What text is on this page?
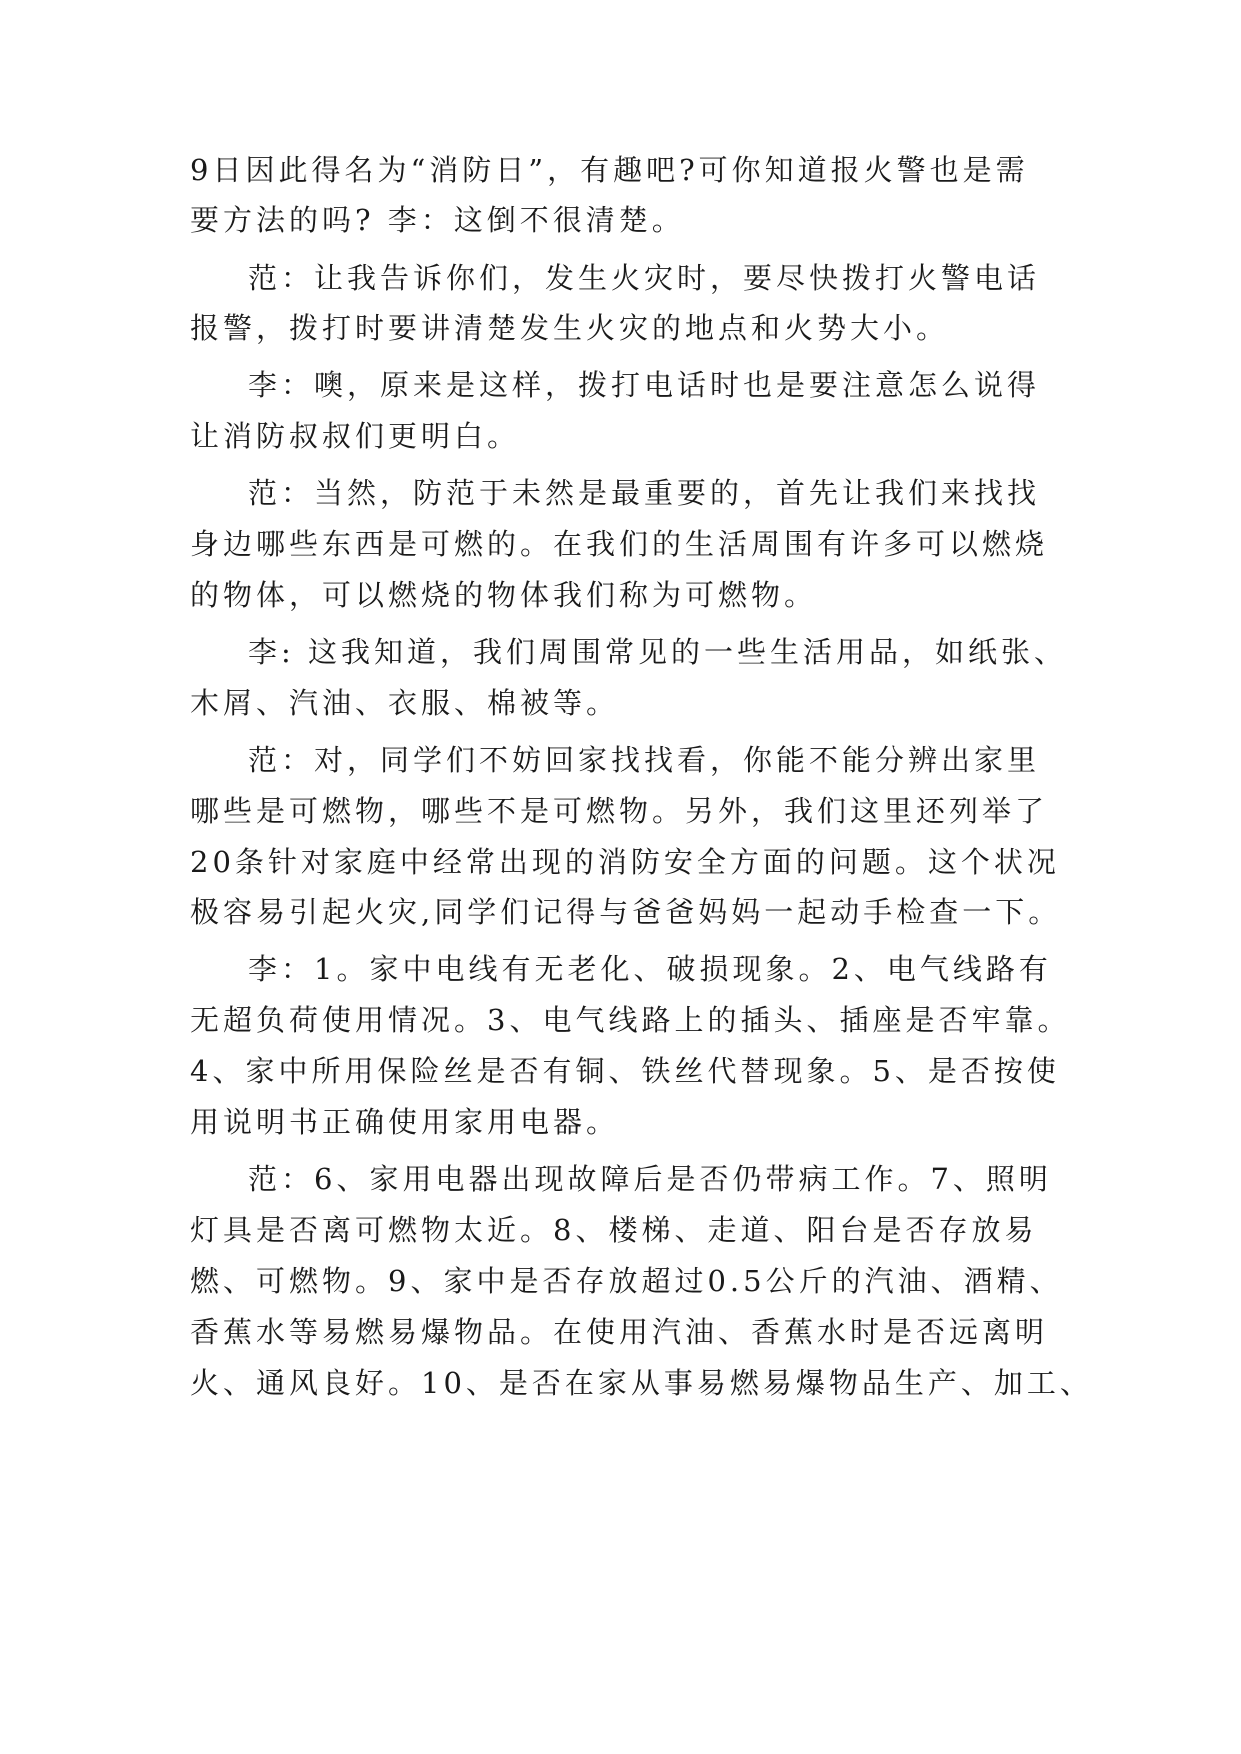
9日因此得名为“消防日”，有趣吧?可你知道报火警也是需
要方法的吗? 李：这倒不很清楚。
范：让我告诉你们，发生火灾时，要尽快拨打火警电话
报警，拨打时要讲清楚发生火灾的地点和火势大小。
李：噢，原来是这样，拨打电话时也是要注意怎么说得
让消防叔叔们更明白。
范：当然，防范于未然是最重要的，首先让我们来找找
身边哪些东西是可燃的。在我们的生活周围有许多可以燃烧
的物体，可以燃烧的物体我们称为可燃物。
李: 这我知道，我们周围常见的一些生活用品，如纸张、
木屑、汽油、衣服、棉被等。
范：对，同学们不妨回家找找看，你能不能分辨出家里
哪些是可燃物，哪些不是可燃物。另外，我们这里还列举了
20条针对家庭中经常出现的消防安全方面的问题。这个状况
极容易引起火灾,同学们记得与爸爸妈妈一起动手检查一下。
李：1。家中电线有无老化、破损现象。2、电气线路有
无超负荷使用情况。3、电气线路上的插头、插座是否牢靠。
4、家中所用保险丝是否有铜、铁丝代替现象。5、是否按使
用说明书正确使用家用电器。
范：6、家用电器出现故障后是否仍带病工作。7、照明
灯具是否离可燃物太近。8、楼梯、走道、阳台是否存放易
燃、可燃物。9、家中是否存放超过0.5公斤的汽油、酒精、
香蕉水等易燃易爆物品。在使用汽油、香蕉水时是否远离明
火、通风良好。10、是否在家从事易燃易爆物品生产、加工、
